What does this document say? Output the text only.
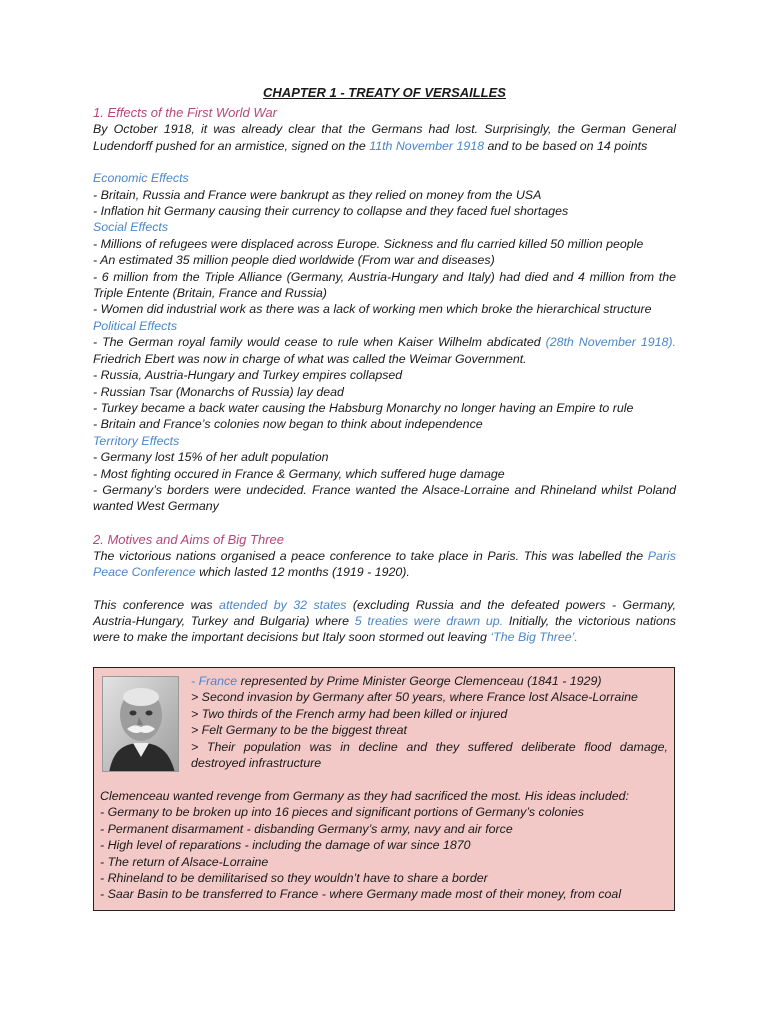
CHAPTER 1 - TREATY OF VERSAILLES
1. Effects of the First World War
By October 1918, it was already clear that the Germans had lost. Surprisingly, the German General Ludendorff pushed for an armistice, signed on the 11th November 1918 and to be based on 14 points
Economic Effects
- Britain, Russia and France were bankrupt as they relied on money from the USA
- Inflation hit Germany causing their currency to collapse and they faced fuel shortages
Social Effects
- Millions of refugees were displaced across Europe. Sickness and flu carried killed 50 million people
- An estimated 35 million people died worldwide (From war and diseases)
- 6 million from the Triple Alliance (Germany, Austria-Hungary and Italy) had died and 4 million from the Triple Entente (Britain, France and Russia)
- Women did industrial work as there was a lack of working men which broke the hierarchical structure
Political Effects
- The German royal family would cease to rule when Kaiser Wilhelm abdicated (28th November 1918). Friedrich Ebert was now in charge of what was called the Weimar Government.
- Russia, Austria-Hungary and Turkey empires collapsed
- Russian Tsar (Monarchs of Russia) lay dead
- Turkey became a back water causing the Habsburg Monarchy no longer having an Empire to rule
- Britain and France’s colonies now began to think about independence
Territory Effects
- Germany lost 15% of her adult population
- Most fighting occured in France & Germany, which suffered huge damage
- Germany’s borders were undecided. France wanted the Alsace-Lorraine and Rhineland whilst Poland wanted West Germany
2. Motives and Aims of Big Three
The victorious nations organised a peace conference to take place in Paris. This was labelled the Paris Peace Conference which lasted 12 months (1919 - 1920).
This conference was attended by 32 states (excluding Russia and the defeated powers - Germany, Austria-Hungary, Turkey and Bulgaria) where 5 treaties were drawn up. Initially, the victorious nations were to make the important decisions but Italy soon stormed out leaving ‘The Big Three’.
- France represented by Prime Minister George Clemenceau (1841 - 1929)
> Second invasion by Germany after 50 years, where France lost Alsace-Lorraine
> Two thirds of the French army had been killed or injured
> Felt Germany to be the biggest threat
> Their population was in decline and they suffered deliberate flood damage, destroyed infrastructure
Clemenceau wanted revenge from Germany as they had sacrificed the most. His ideas included:
- Germany to be broken up into 16 pieces and significant portions of Germany’s colonies
- Permanent disarmament - disbanding Germany’s army, navy and air force
- High level of reparations - including the damage of war since 1870
- The return of Alsace-Lorraine
- Rhineland to be demilitarised so they wouldn’t have to share a border
- Saar Basin to be transferred to France - where Germany made most of their money, from coal
